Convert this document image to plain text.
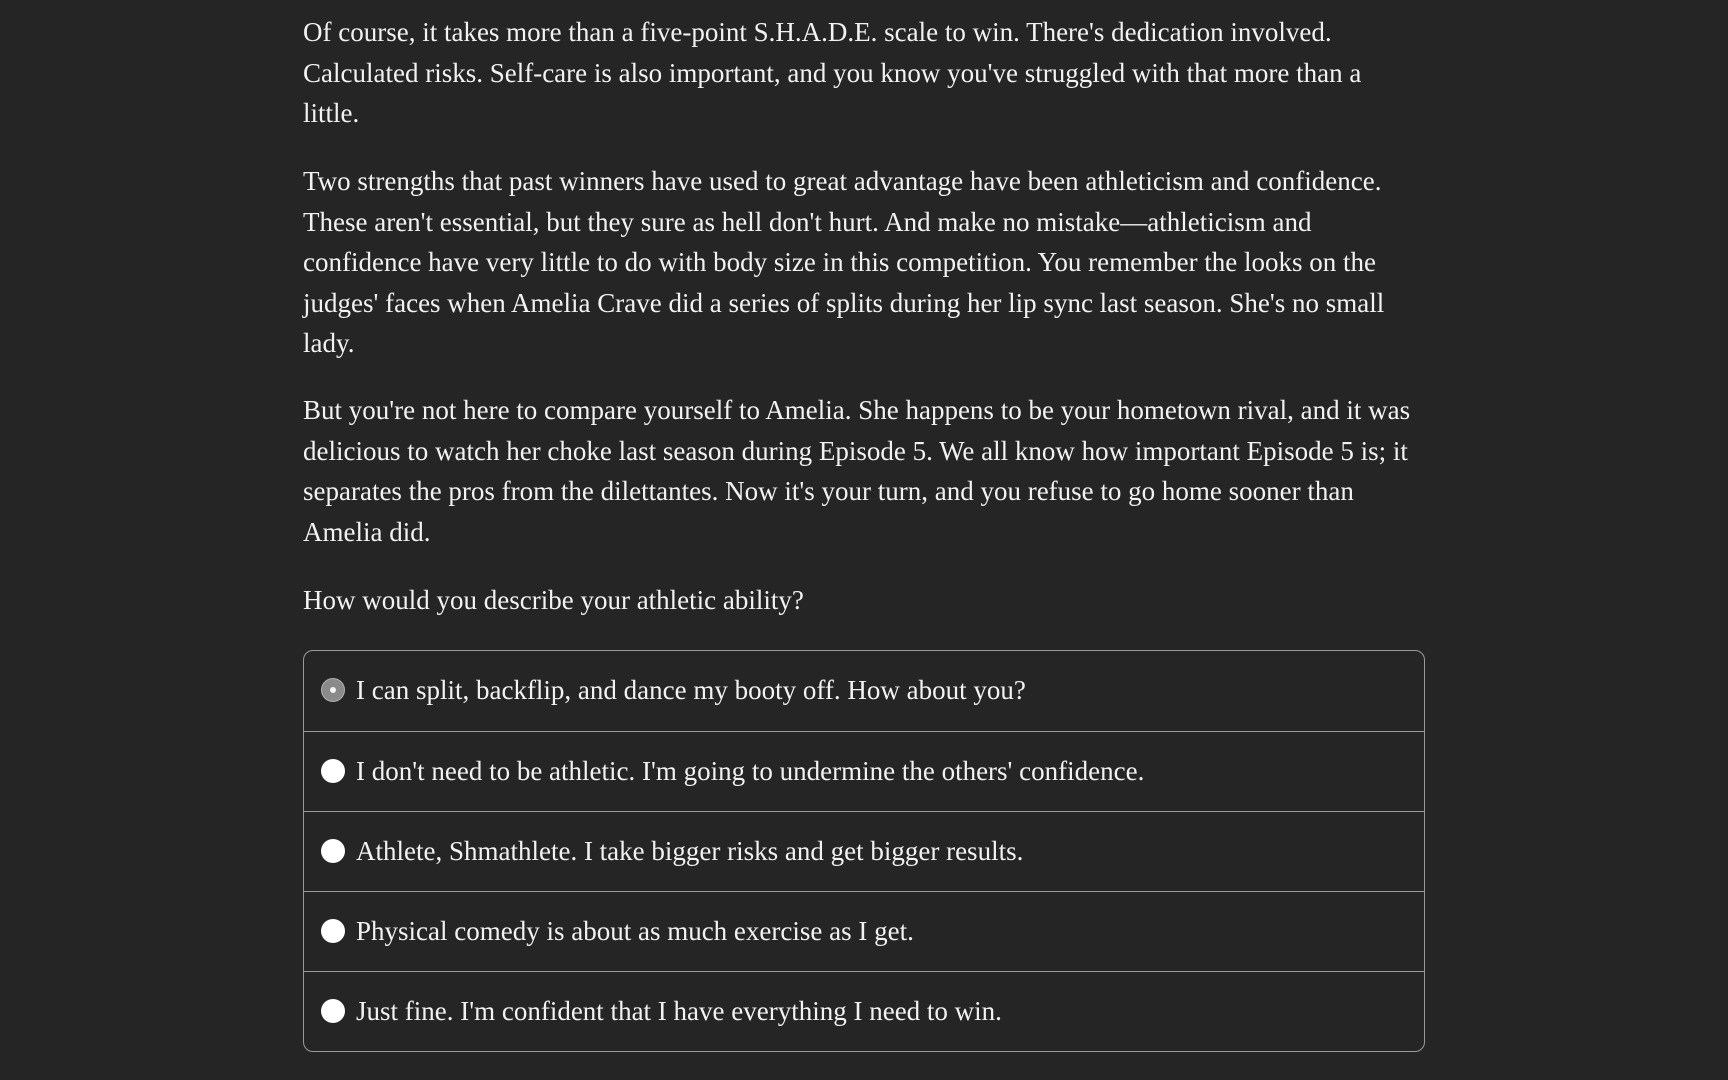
Of course, it takes more than a five-point S.H.A.D.E. scale to win. There's dedication involved. Calculated risks. Self-care is also important, and you know you've struggled with that more than a little.

Two strengths that past winners have used to great advantage have been athleticism and confidence. These aren't essential, but they sure as hell don't hurt. And make no mistake—athleticism and confidence have very little to do with body size in this competition. You remember the looks on the judges' faces when Amelia Crave did a series of splits during her lip sync last season. She's no small lady.

But you're not here to compare yourself to Amelia. She happens to be your hometown rival, and it was delicious to watch her choke last season during Episode 5. We all know how important Episode 5 is; it separates the pros from the dilettantes. Now it's your turn, and you refuse to go home sooner than Amelia did.

How would you describe your athletic ability?

I can split, backflip, and dance my booty off. How about you?
I don't need to be athletic. I'm going to undermine the others' confidence.
Athlete, Shmathlete. I take bigger risks and get bigger results.
Physical comedy is about as much exercise as I get.
Just fine. I'm confident that I have everything I need to win.
